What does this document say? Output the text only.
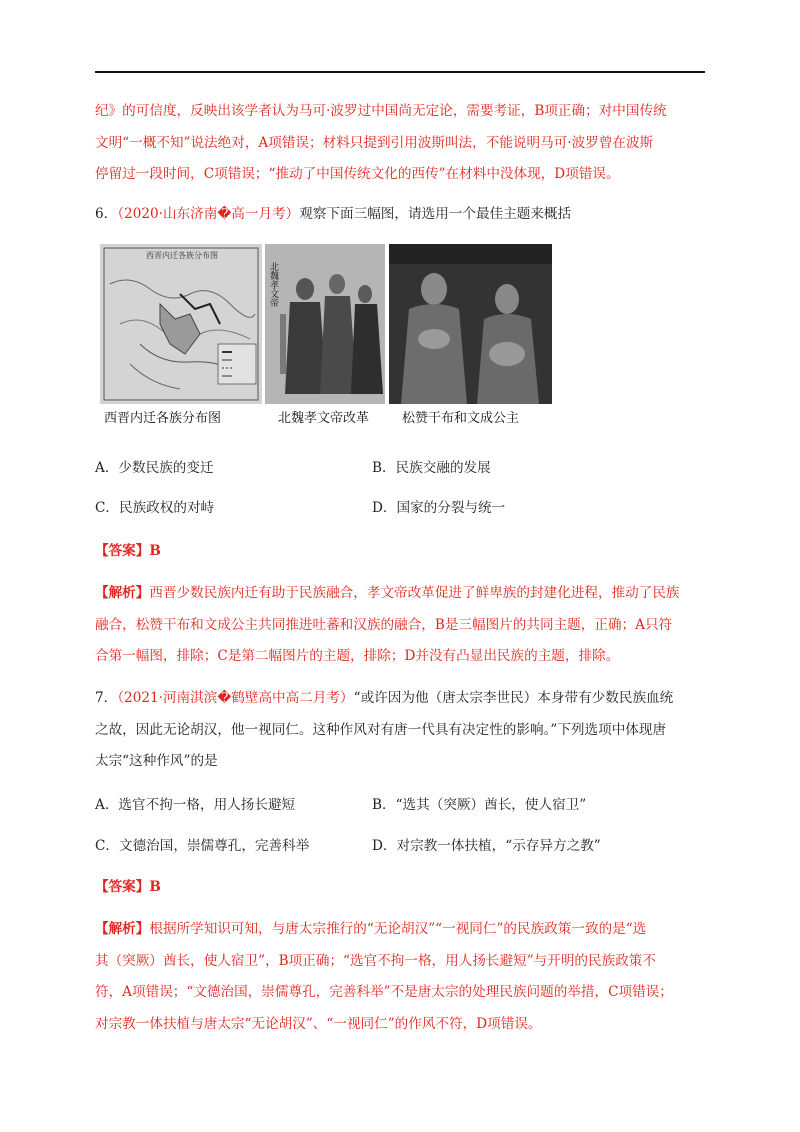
纪》的可信度，反映出该学者认为马可·波罗过中国尚无定论，需要考证，B项正确；对中国传统
文明“一概不知”说法绝对，A项错误；材料只提到引用波斯叫法，不能说明马可·波罗曾在波斯
停留过一段时间，C项错误；“推动了中国传统文化的西传”在材料中没体现，D项错误。
6．（2020·山东济南�高一月考）观察下面三幅图，请选用一个最佳主题来概括
西晋内迁各族分布图
北魏孝文帝
西晋内迁各族分布图	北魏孝文帝改革	松赞干布和文成公主
A．少数民族的变迁	B．民族交融的发展
C．民族政权的对峙	D．国家的分裂与统一
【答案】B
【解析】西晋少数民族内迁有助于民族融合，孝文帝改革促进了鲜卑族的封建化进程，推动了民族
融合，松赞干布和文成公主共同推进吐蕃和汉族的融合，B是三幅图片的共同主题，正确；A只符
合第一幅图，排除；C是第二幅图片的主题，排除；D并没有凸显出民族的主题，排除。
7．（2021·河南淇滨�鹤壁高中高二月考）“或许因为他（唐太宗李世民）本身带有少数民族血统
之故，因此无论胡汉，他一视同仁。这种作风对有唐一代具有决定性的影响。”下列选项中体现唐
太宗“这种作风”的是
A．选官不拘一格，用人扬长避短	B．“选其（突厥）酋长，使人宿卫”
C．文德治国，崇儒尊孔，完善科举	D．对宗教一体扶植，“示存异方之教”
【答案】B
【解析】根据所学知识可知，与唐太宗推行的“无论胡汉”“一视同仁”的民族政策一致的是“选
其（突厥）酋长，使人宿卫”，B项正确；“选官不拘一格，用人扬长避短”与开明的民族政策不
符，A项错误；“文德治国，崇儒尊孔，完善科举”不是唐太宗的处理民族问题的举措，C项错误；
对宗教一体扶植与唐太宗“无论胡汉”、“一视同仁”的作风不符，D项错误。
